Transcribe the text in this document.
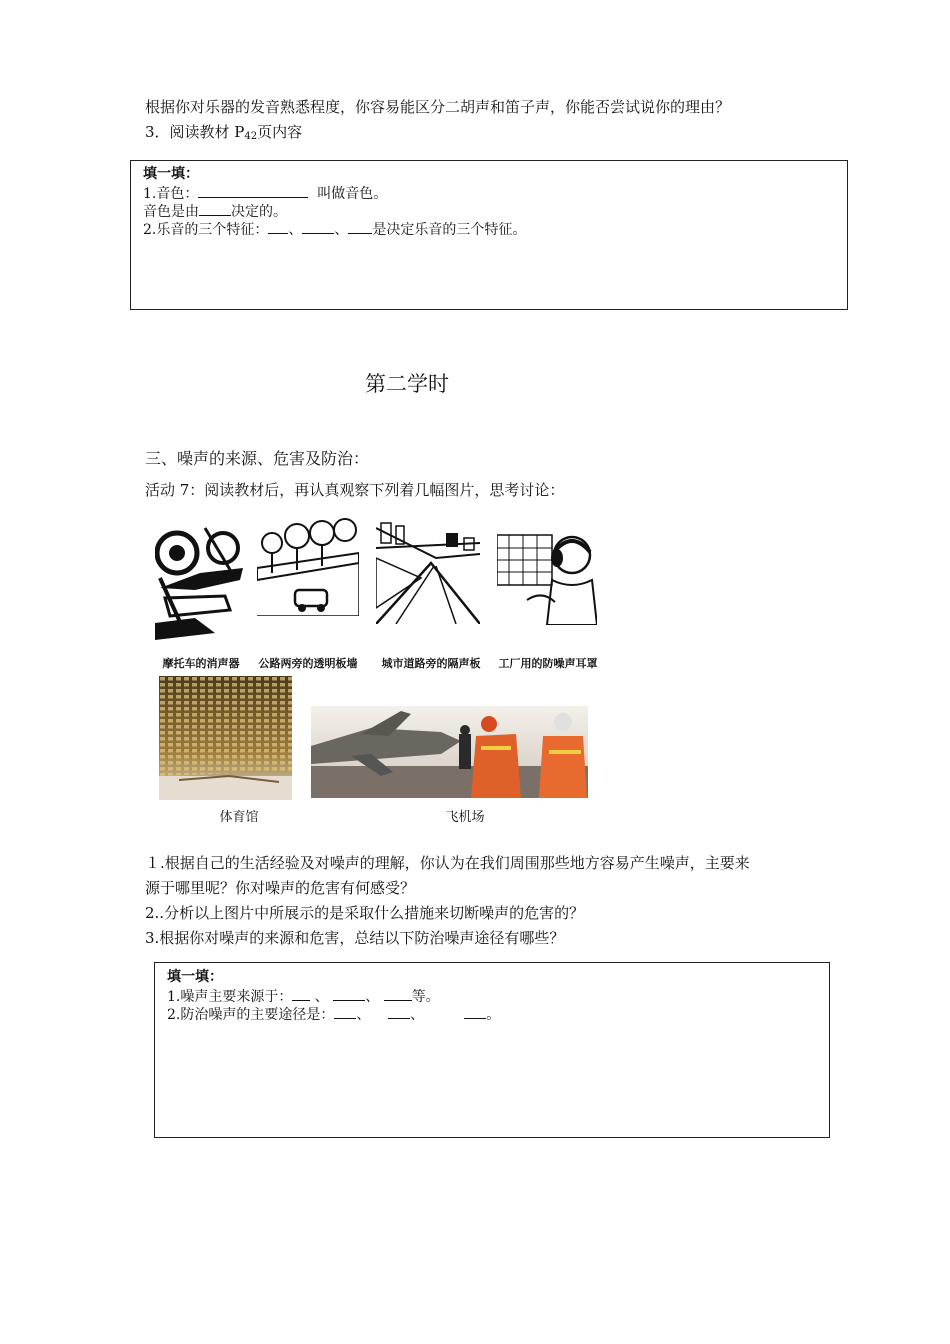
根据你对乐器的发音熟悉程度，你容易能区分二胡声和笛子声，你能否尝试说你的理由？
3．阅读教材 $P_{42}$页内容
填一填：
1.音色：	叫做音色。
音色是由 决定的。
2.乐音的三个特征： 、 、 是决定乐音的三个特征。
第二学时
三、噪声的来源、危害及防治：
活动 7：阅读教材后，再认真观察下列着几幅图片，思考讨论：
摩托车的消声器	公路两旁的透明板墙	城市道路旁的隔声板	工厂用的防噪声耳罩
体育馆	飞机场
１.根据自己的生活经验及对噪声的理解，你认为在我们周围那些地方容易产生噪声，主要来
源于哪里呢？你对噪声的危害有何感受？
2..分析以上图片中所展示的是采取什么措施来切断噪声的危害的？
3.根据你对噪声的来源和危害，总结以下防治噪声途径有哪些？
填一填：
1.噪声主要来源于： 、 、 等。
2.防治噪声的主要途径是： 、	、	。
